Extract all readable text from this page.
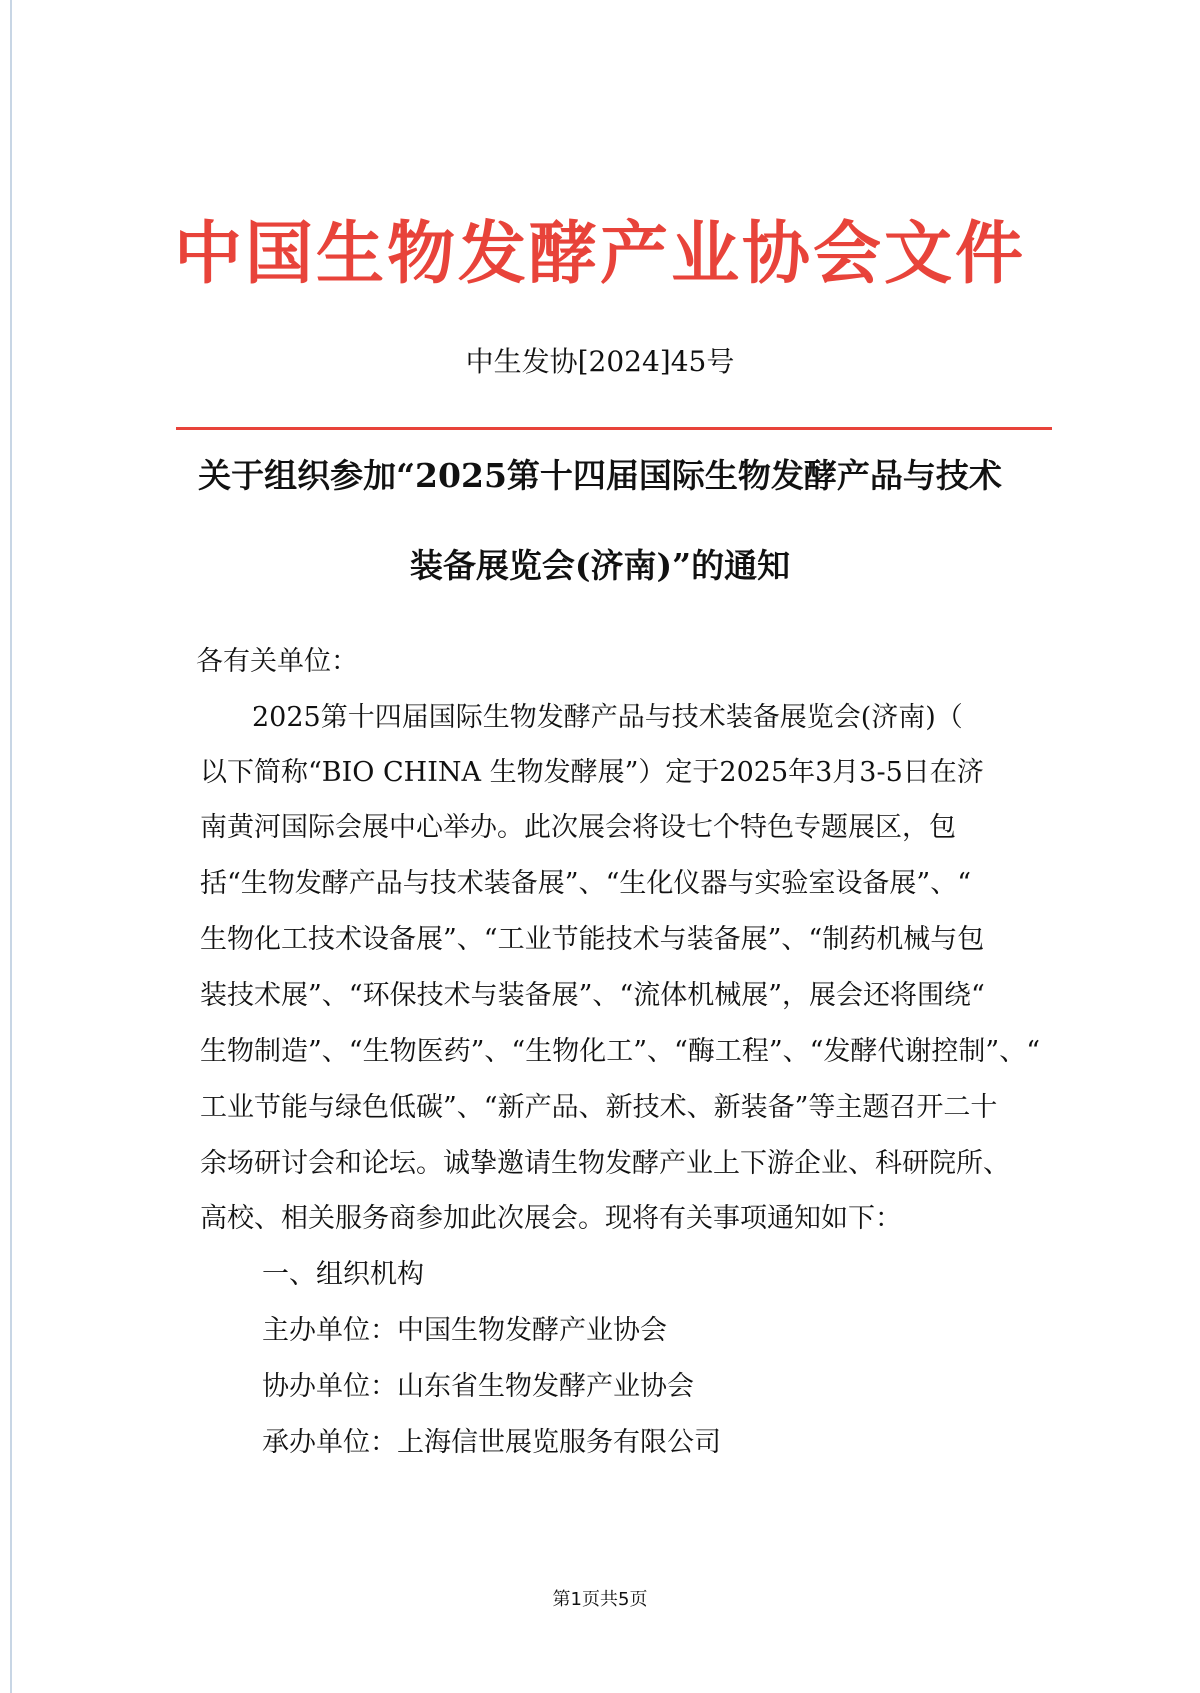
中国生物发酵产业协会文件
中生发协[2024]45号
关于组织参加“2025第十四届国际生物发酵产品与技术
装备展览会(济南)”的通知
各有关单位：
2025第十四届国际生物发酵产品与技术装备展览会(济南)（
以下简称“BIO CHINA 生物发酵展”）定于2025年3月3-5日在济
南黄河国际会展中心举办。此次展会将设七个特色专题展区，包
括“生物发酵产品与技术装备展”、“生化仪器与实验室设备展”、“
生物化工技术设备展”、“工业节能技术与装备展”、“制药机械与包
装技术展”、“环保技术与装备展”、“流体机械展”，展会还将围绕“
生物制造”、“生物医药”、“生物化工”、“酶工程”、“发酵代谢控制”、“
工业节能与绿色低碳”、“新产品、新技术、新装备”等主题召开二十
余场研讨会和论坛。诚挚邀请生物发酵产业上下游企业、科研院所、
高校、相关服务商参加此次展会。现将有关事项通知如下：
一、组织机构
主办单位：中国生物发酵产业协会
协办单位：山东省生物发酵产业协会
承办单位：上海信世展览服务有限公司
第1页共5页
